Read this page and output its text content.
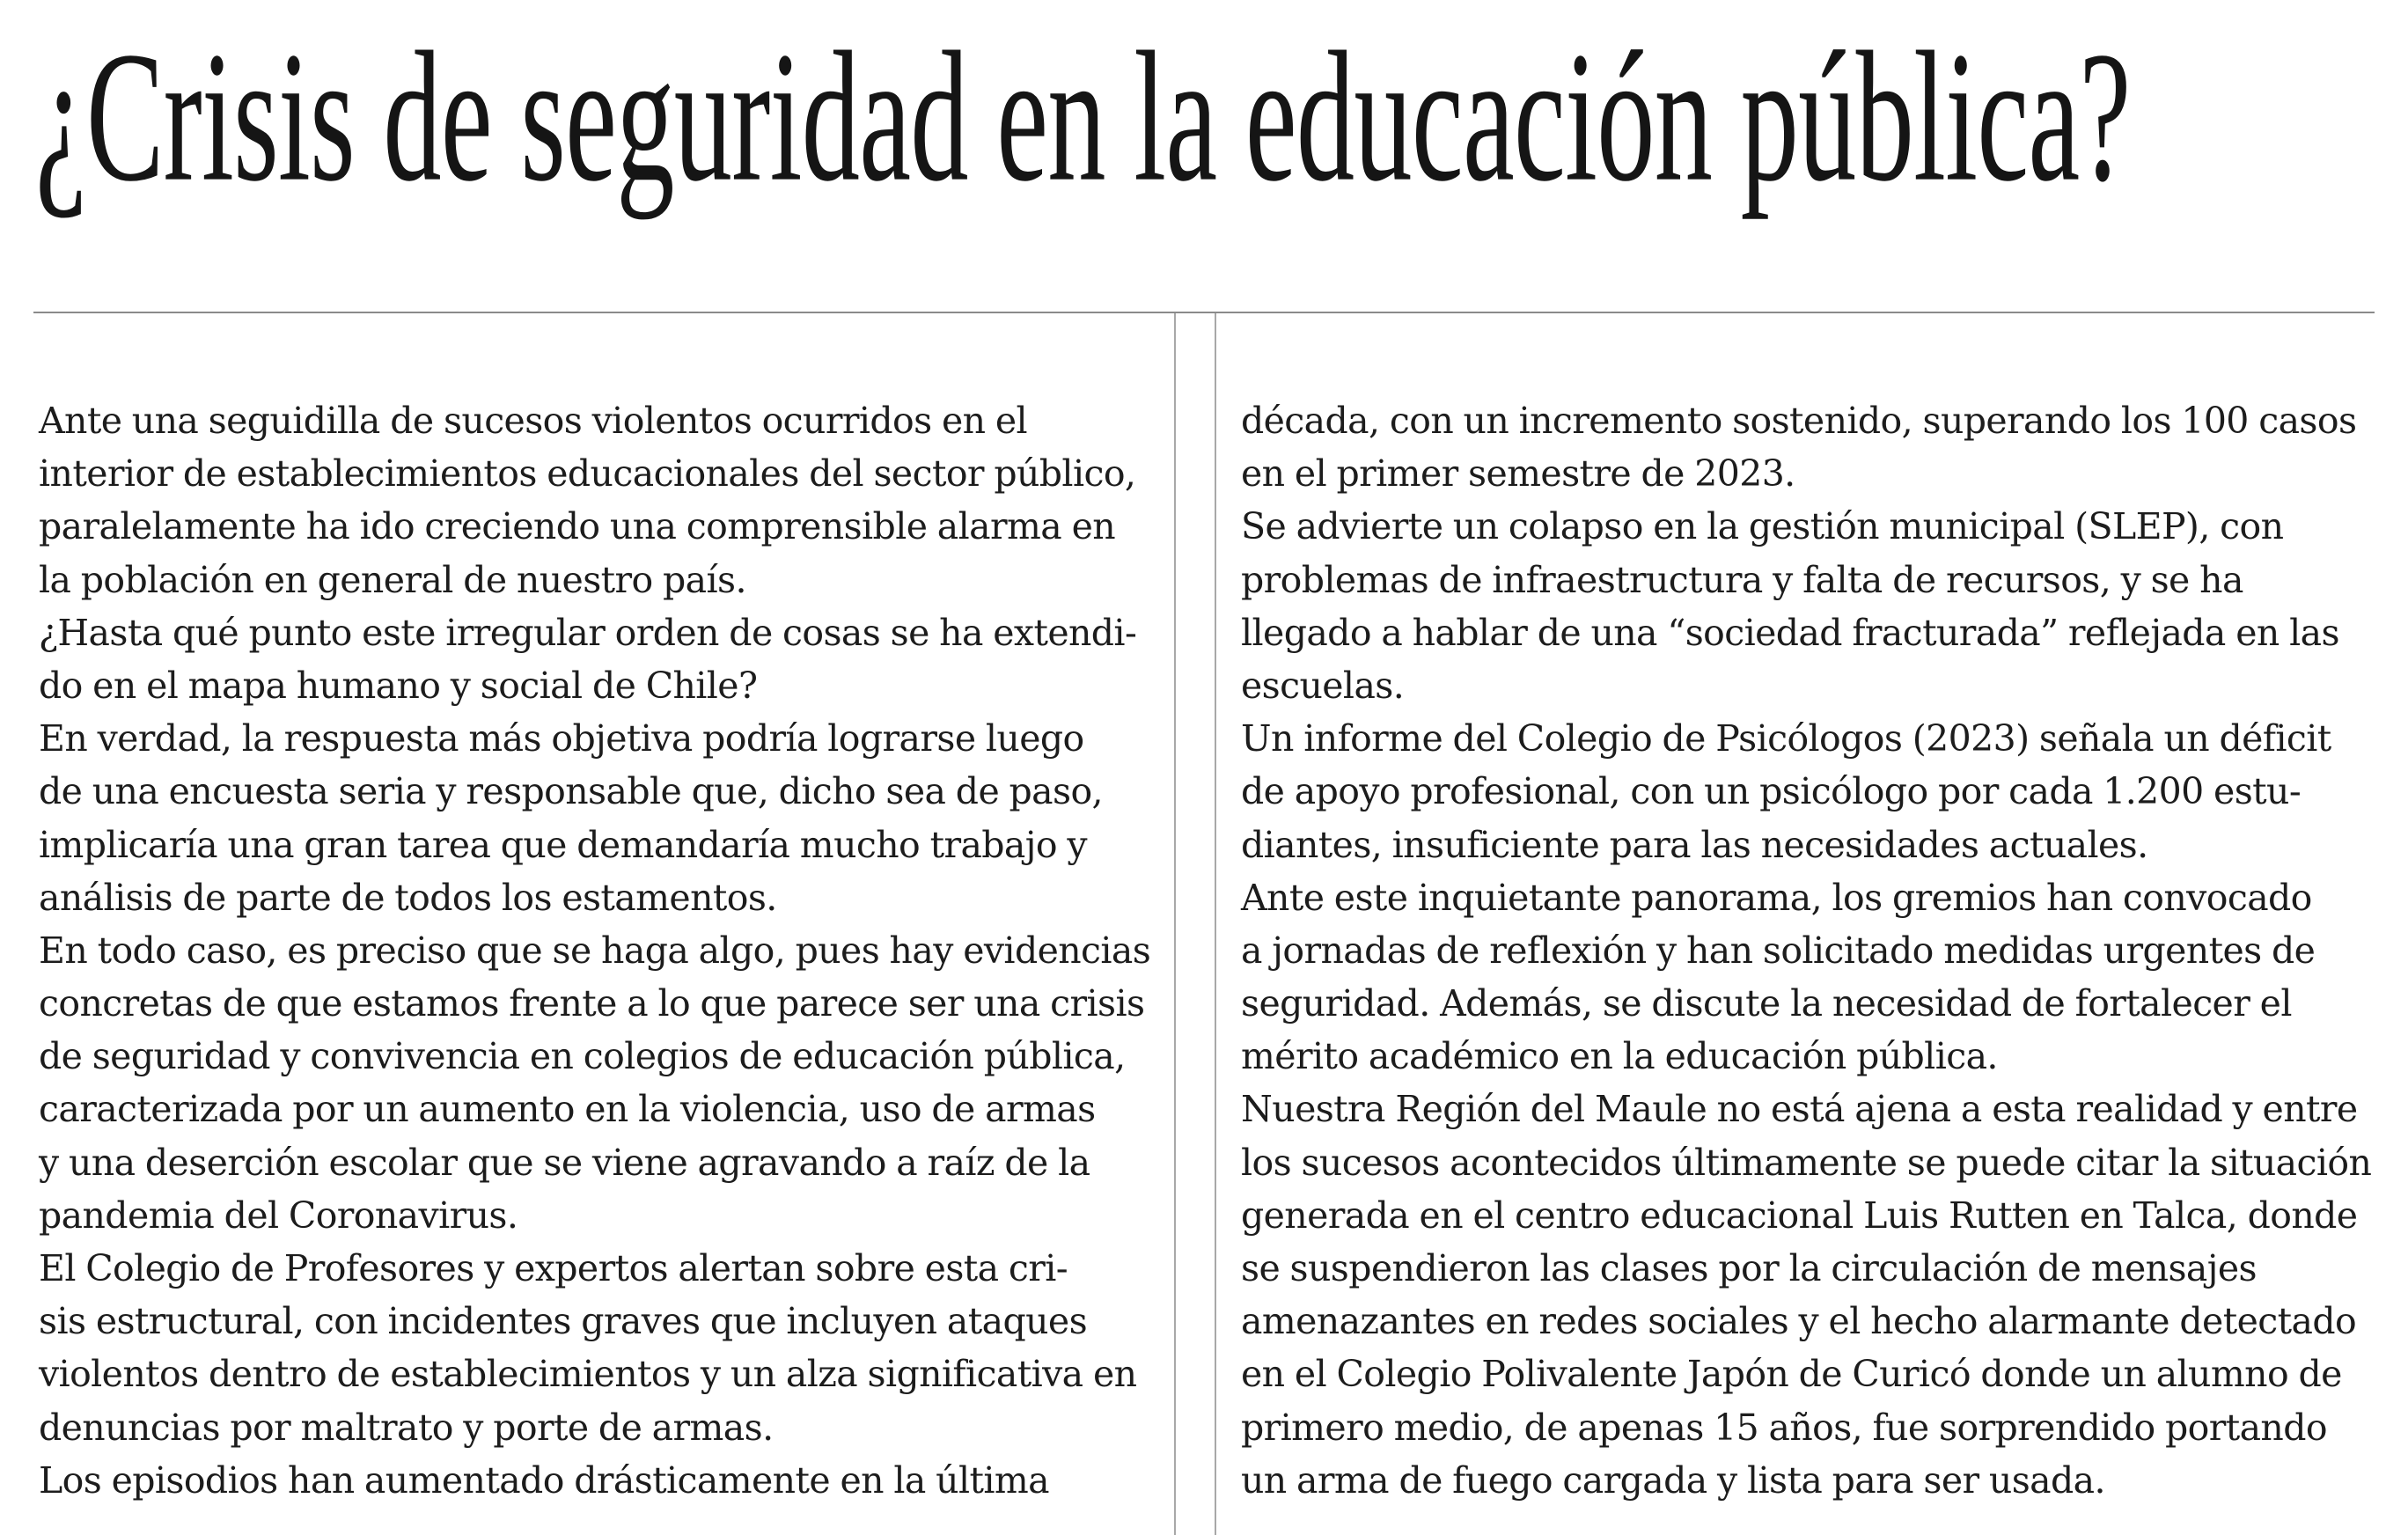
¿Crisis de seguridad en la educación pública?
Ante una seguidilla de sucesos violentos ocurridos en el
interior de establecimientos educacionales del sector público,
paralelamente ha ido creciendo una comprensible alarma en
la población en general de nuestro país.
¿Hasta qué punto este irregular orden de cosas se ha extendi-
do en el mapa humano y social de Chile?
En verdad, la respuesta más objetiva podría lograrse luego
de una encuesta seria y responsable que, dicho sea de paso,
implicaría una gran tarea que demandaría mucho trabajo y
análisis de parte de todos los estamentos.
En todo caso, es preciso que se haga algo, pues hay evidencias
concretas de que estamos frente a lo que parece ser una crisis
de seguridad y convivencia en colegios de educación pública,
caracterizada por un aumento en la violencia, uso de armas
y una deserción escolar que se viene agravando a raíz de la
pandemia del Coronavirus.
El Colegio de Profesores y expertos alertan sobre esta cri-
sis estructural, con incidentes graves que incluyen ataques
violentos dentro de establecimientos y un alza significativa en
denuncias por maltrato y porte de armas.
Los episodios han aumentado drásticamente en la última
década, con un incremento sostenido, superando los 100 casos
en el primer semestre de 2023.
Se advierte un colapso en la gestión municipal (SLEP), con
problemas de infraestructura y falta de recursos, y se ha
llegado a hablar de una “sociedad fracturada” reflejada en las
escuelas.
Un informe del Colegio de Psicólogos (2023) señala un déficit
de apoyo profesional, con un psicólogo por cada 1.200 estu-
diantes, insuficiente para las necesidades actuales.
Ante este inquietante panorama, los gremios han convocado
a jornadas de reflexión y han solicitado medidas urgentes de
seguridad. Además, se discute la necesidad de fortalecer el
mérito académico en la educación pública.
Nuestra Región del Maule no está ajena a esta realidad y entre
los sucesos acontecidos últimamente se puede citar la situación
generada en el centro educacional Luis Rutten en Talca, donde
se suspendieron las clases por la circulación de mensajes
amenazantes en redes sociales y el hecho alarmante detectado
en el Colegio Polivalente Japón de Curicó donde un alumno de
primero medio, de apenas 15 años, fue sorprendido portando
un arma de fuego cargada y lista para ser usada.
